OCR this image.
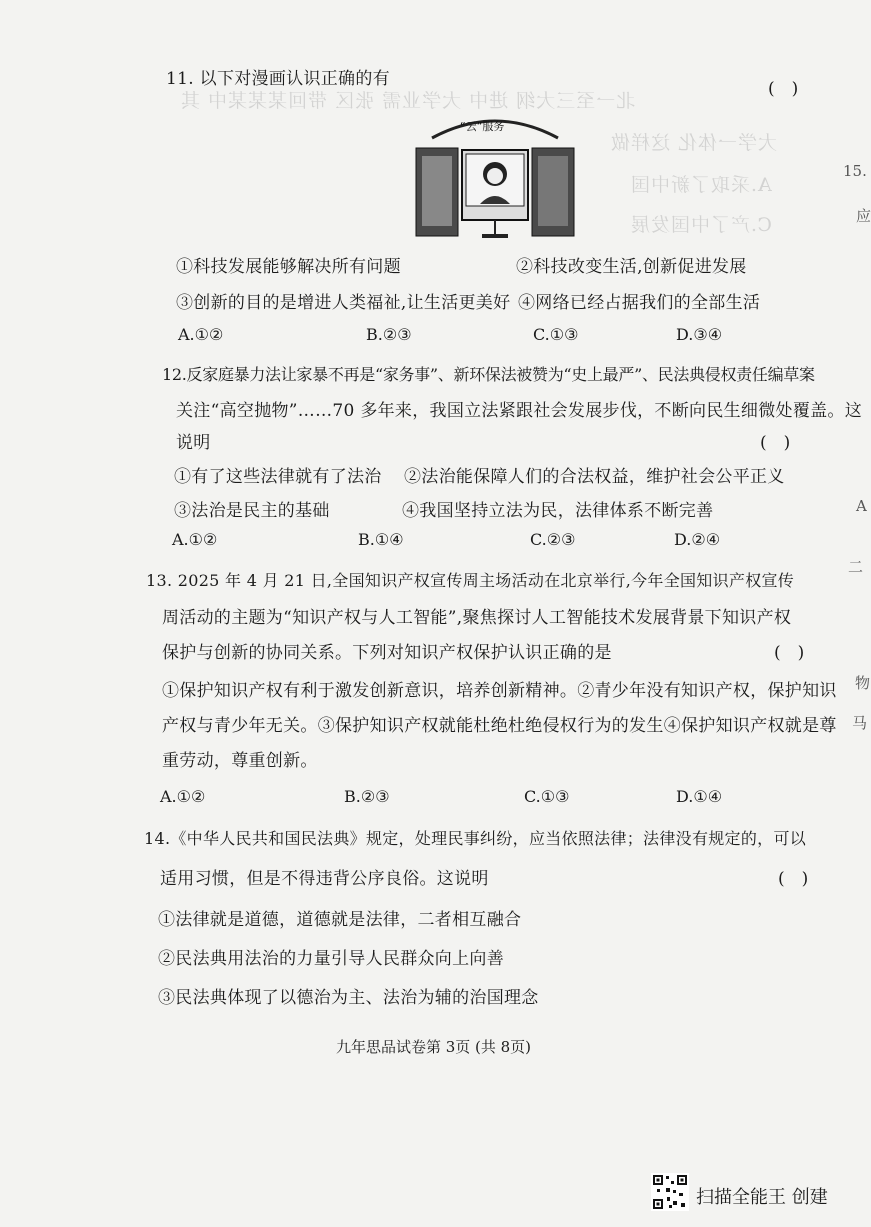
北一至三大纲 进中 大学业需 张区 带回某某某中 其
大学一体化 这样做
A.采取了新中国
C.产了中国发展
15.
应
A
二
物
马
11. 以下对漫画认识正确的有	(　)
“云”服务
①科技发展能够解决所有问题	②科技改变生活,创新促进发展
③创新的目的是增进人类福祉,让生活更美好 ④网络已经占据我们的全部生活
A.①②	B.②③	C.①③	D.③④
12.反家庭暴力法让家暴不再是“家务事”、新环保法被赞为“史上最严”、民法典侵权责任编草案
关注“高空抛物”……70 多年来，我国立法紧跟社会发展步伐，不断向民生细微处覆盖。这
说明	(　)
①有了这些法律就有了法治 ②法治能保障人们的合法权益，维护社会公平正义
③法治是民主的基础	④我国坚持立法为民，法律体系不断完善
A.①②	B.①④	C.②③	D.②④
13. 2025 年 4 月 21 日,全国知识产权宣传周主场活动在北京举行,今年全国知识产权宣传
周活动的主题为“知识产权与人工智能”,聚焦探讨人工智能技术发展背景下知识产权
保护与创新的协同关系。下列对知识产权保护认识正确的是	(　)
①保护知识产权有利于激发创新意识，培养创新精神。②青少年没有知识产权，保护知识
产权与青少年无关。③保护知识产权就能杜绝杜绝侵权行为的发生④保护知识产权就是尊
重劳动，尊重创新。
A.①②	B.②③	C.①③	D.①④
14.《中华人民共和国民法典》规定，处理民事纠纷，应当依照法律；法律没有规定的，可以
适用习惯，但是不得违背公序良俗。这说明	(　)
①法律就是道德，道德就是法律，二者相互融合
②民法典用法治的力量引导人民群众向上向善
③民法典体现了以德治为主、法治为辅的治国理念
九年思品试卷第 3页 (共 8页)
扫描全能王 创建
